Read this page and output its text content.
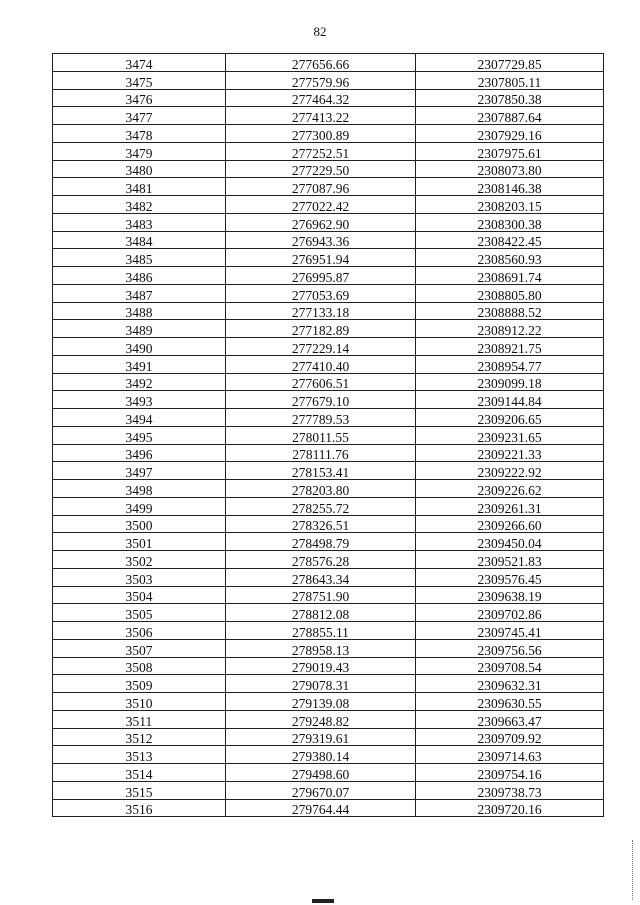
82
3474	277656.66	2307729.85
3475	277579.96	2307805.11
3476	277464.32	2307850.38
3477	277413.22	2307887.64
3478	277300.89	2307929.16
3479	277252.51	2307975.61
3480	277229.50	2308073.80
3481	277087.96	2308146.38
3482	277022.42	2308203.15
3483	276962.90	2308300.38
3484	276943.36	2308422.45
3485	276951.94	2308560.93
3486	276995.87	2308691.74
3487	277053.69	2308805.80
3488	277133.18	2308888.52
3489	277182.89	2308912.22
3490	277229.14	2308921.75
3491	277410.40	2308954.77
3492	277606.51	2309099.18
3493	277679.10	2309144.84
3494	277789.53	2309206.65
3495	278011.55	2309231.65
3496	278111.76	2309221.33
3497	278153.41	2309222.92
3498	278203.80	2309226.62
3499	278255.72	2309261.31
3500	278326.51	2309266.60
3501	278498.79	2309450.04
3502	278576.28	2309521.83
3503	278643.34	2309576.45
3504	278751.90	2309638.19
3505	278812.08	2309702.86
3506	278855.11	2309745.41
3507	278958.13	2309756.56
3508	279019.43	2309708.54
3509	279078.31	2309632.31
3510	279139.08	2309630.55
3511	279248.82	2309663.47
3512	279319.61	2309709.92
3513	279380.14	2309714.63
3514	279498.60	2309754.16
3515	279670.07	2309738.73
3516	279764.44	2309720.16
